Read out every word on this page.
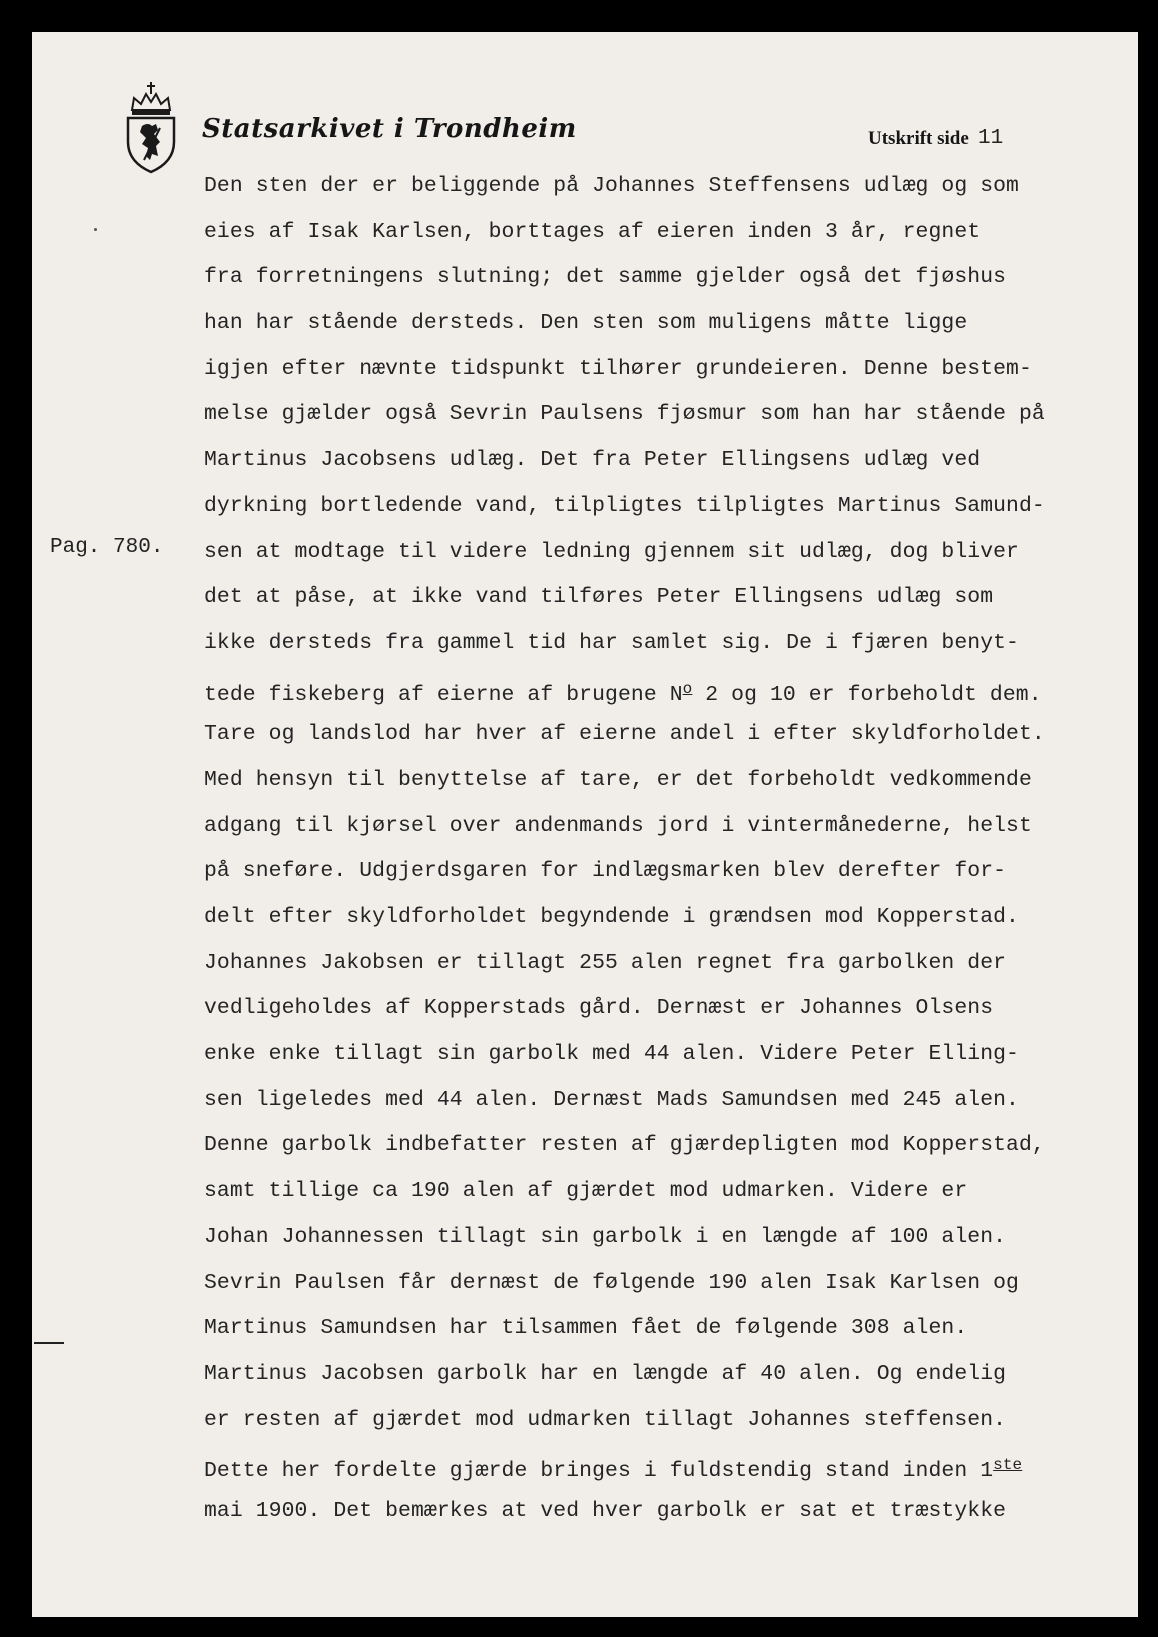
Statsarkivet i Trondheim	Utskrift side 11
Pag. 780.
Den sten der er beliggende på Johannes Steffensens udlæg og som
eies af Isak Karlsen, borttages af eieren inden 3 år, regnet
fra forretningens slutning; det samme gjelder også det fjøshus
han har stående dersteds. Den sten som muligens måtte ligge
igjen efter nævnte tidspunkt tilhører grundeieren. Denne bestem-
melse gjælder også Sevrin Paulsens fjøsmur som han har stående på
Martinus Jacobsens udlæg. Det fra Peter Ellingsens udlæg ved
dyrkning bortledende vand, tilpligtes tilpligtes Martinus Samund-
sen at modtage til videre ledning gjennem sit udlæg, dog bliver
det at påse, at ikke vand tilføres Peter Ellingsens udlæg som
ikke dersteds fra gammel tid har samlet sig. De i fjæren benyt-
tede fiskeberg af eierne af brugene $N^o$ 2 og 10 er forbeholdt dem.
Tare og landslod har hver af eierne andel i efter skyldforholdet.
Med hensyn til benyttelse af tare, er det forbeholdt vedkommende
adgang til kjørsel over andenmands jord i vintermånederne, helst
på sneføre. Udgjerdsgaren for indlægsmarken blev derefter for-
delt efter skyldforholdet begyndende i grændsen mod Kopperstad.
Johannes Jakobsen er tillagt 255 alen regnet fra garbolken der
vedligeholdes af Kopperstads gård. Dernæst er Johannes Olsens
enke enke tillagt sin garbolk med 44 alen. Videre Peter Elling-
sen ligeledes med 44 alen. Dernæst Mads Samundsen med 245 alen.
Denne garbolk indbefatter resten af gjærdepligten mod Kopperstad,
samt tillige ca 190 alen af gjærdet mod udmarken. Videre er
Johan Johannessen tillagt sin garbolk i en længde af 100 alen.
Sevrin Paulsen får dernæst de følgende 190 alen Isak Karlsen og
Martinus Samundsen har tilsammen fået de følgende 308 alen.
Martinus Jacobsen garbolk har en længde af 40 alen. Og endelig
er resten af gjærdet mod udmarken tillagt Johannes steffensen.
Dette her fordelte gjærde bringes i fuldstendig stand inden 1ste
mai 1900. Det bemærkes at ved hver garbolk er sat et træstykke
